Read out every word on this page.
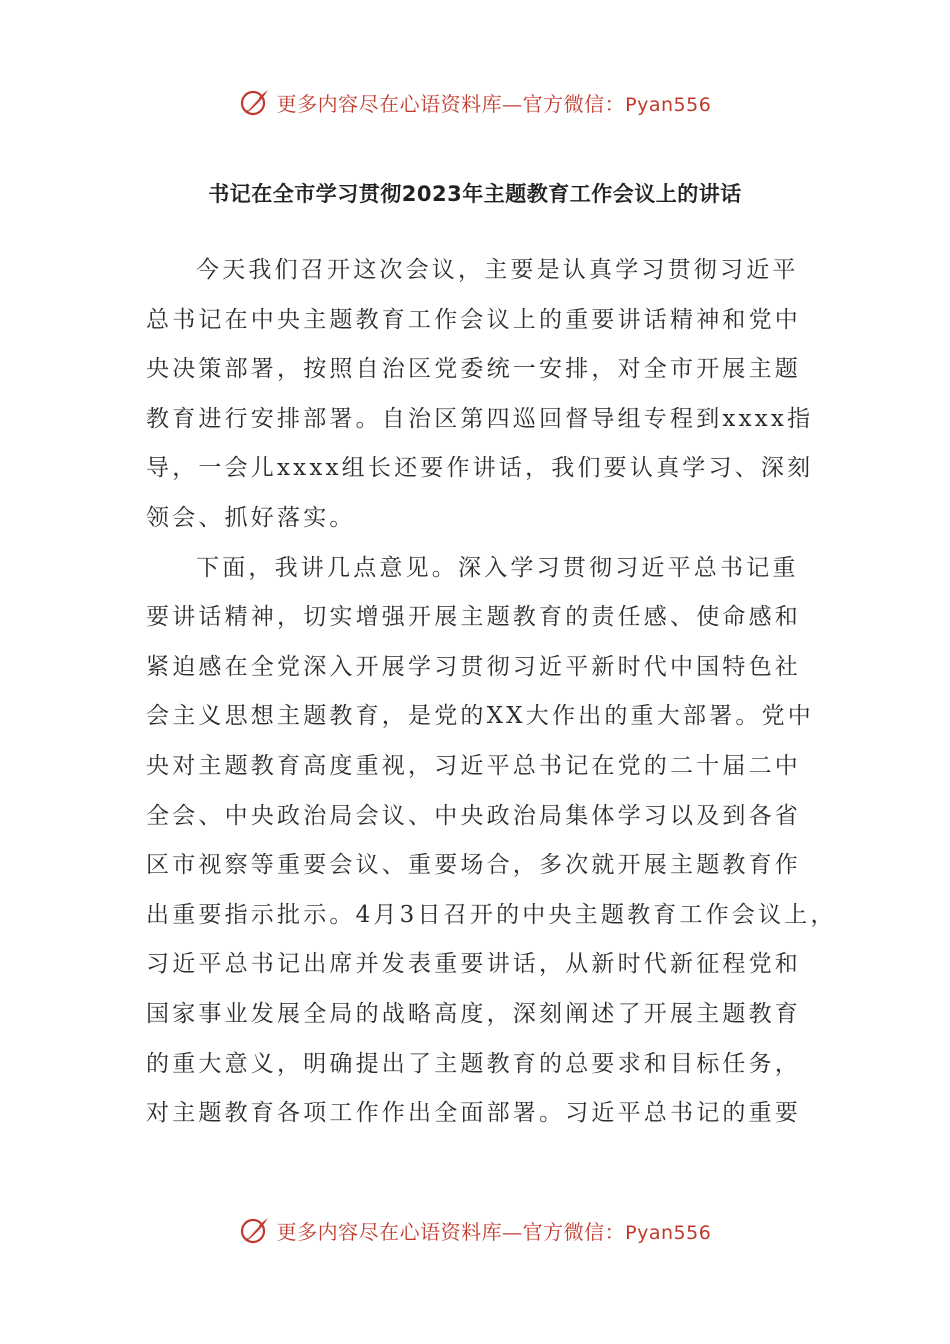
更多内容尽在心语资料库—官方微信：Pyan556
书记在全市学习贯彻2023年主题教育工作会议上的讲话
今天我们召开这次会议，主要是认真学习贯彻习近平
总书记在中央主题教育工作会议上的重要讲话精神和党中
央决策部署，按照自治区党委统一安排，对全市开展主题
教育进行安排部署。自治区第四巡回督导组专程到xxxx指
导，一会儿xxxx组长还要作讲话，我们要认真学习、深刻
领会、抓好落实。
下面，我讲几点意见。深入学习贯彻习近平总书记重
要讲话精神，切实增强开展主题教育的责任感、使命感和
紧迫感在全党深入开展学习贯彻习近平新时代中国特色社
会主义思想主题教育，是党的XX大作出的重大部署。党中
央对主题教育高度重视，习近平总书记在党的二十届二中
全会、中央政治局会议、中央政治局集体学习以及到各省
区市视察等重要会议、重要场合，多次就开展主题教育作
出重要指示批示。4月3日召开的中央主题教育工作会议上，
习近平总书记出席并发表重要讲话，从新时代新征程党和
国家事业发展全局的战略高度，深刻阐述了开展主题教育
的重大意义，明确提出了主题教育的总要求和目标任务，
对主题教育各项工作作出全面部署。习近平总书记的重要
更多内容尽在心语资料库—官方微信：Pyan556
